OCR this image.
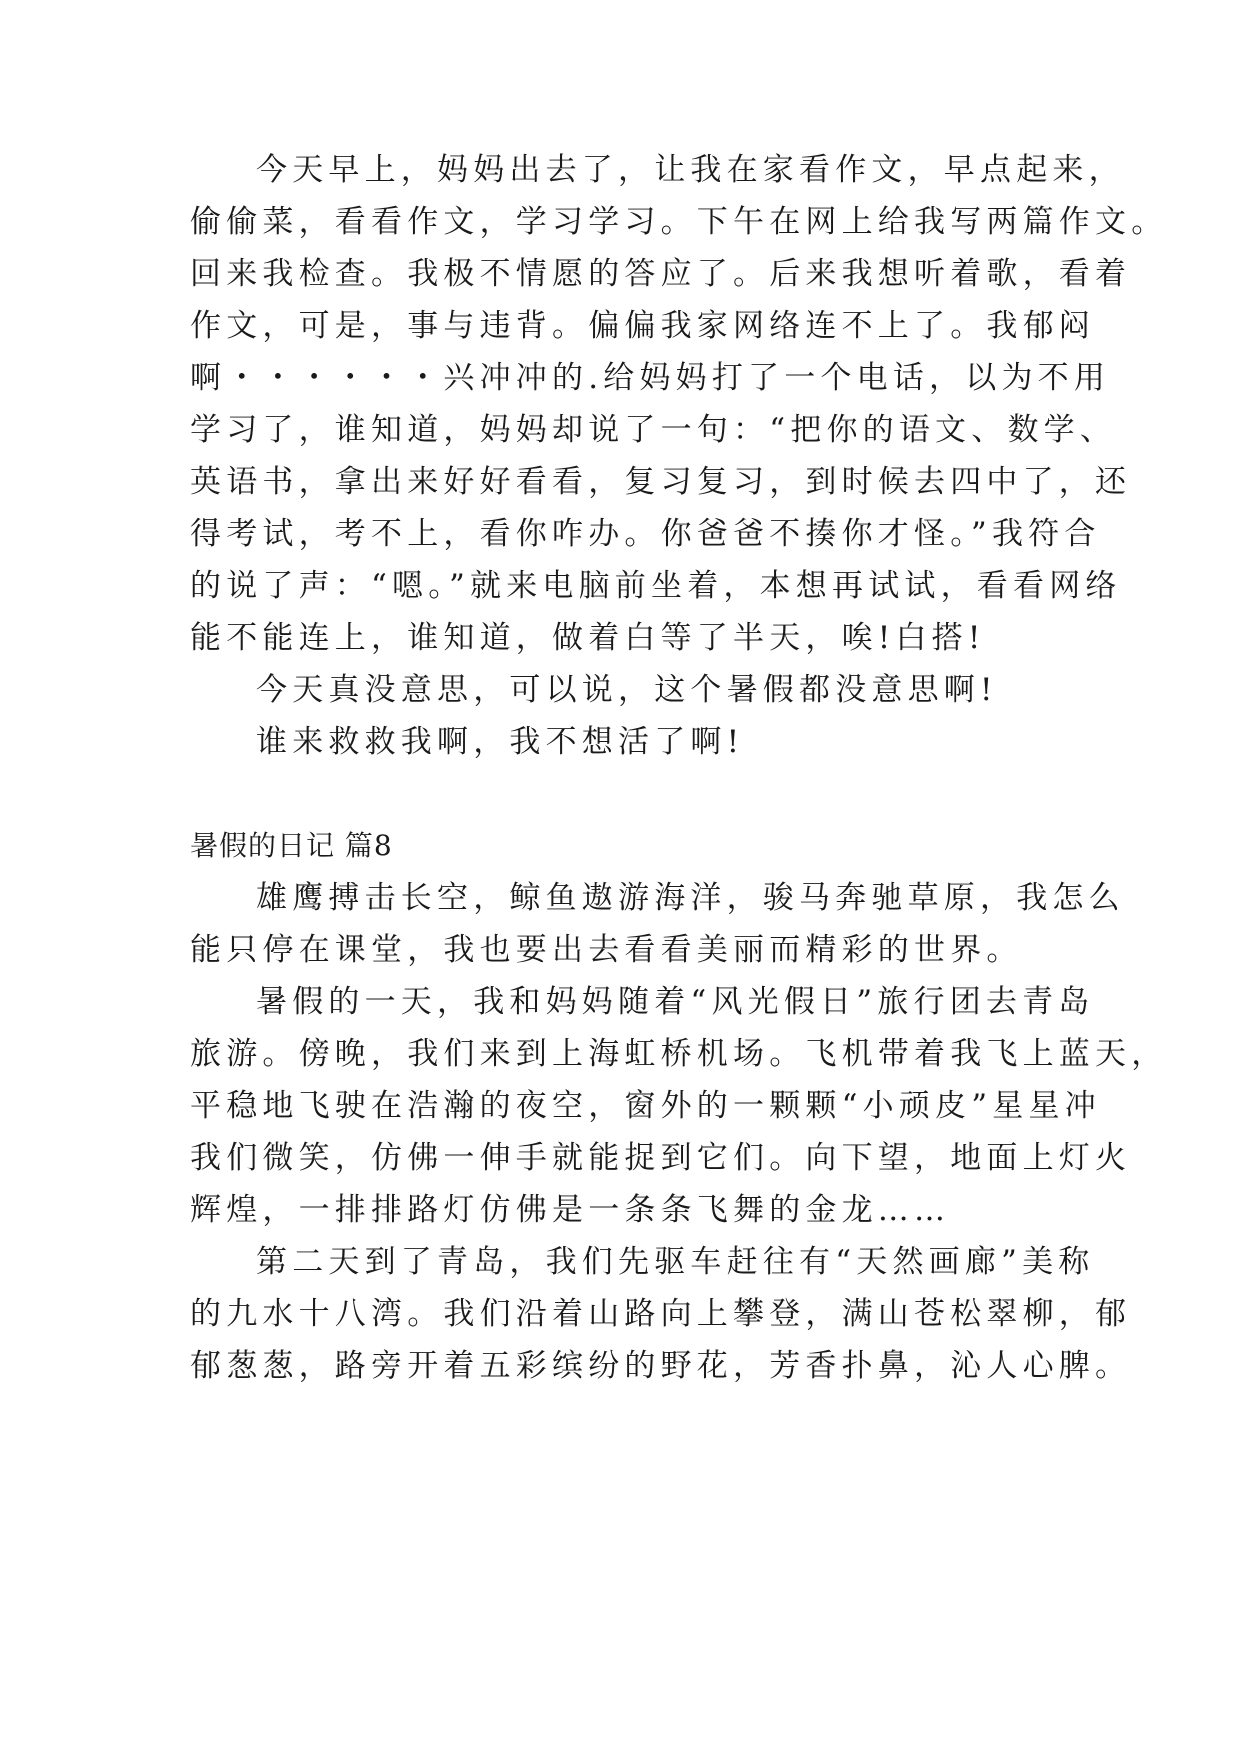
今天早上，妈妈出去了，让我在家看作文，早点起来，
偷偷菜，看看作文，学习学习。下午在网上给我写两篇作文。
回来我检查。我极不情愿的答应了。后来我想听着歌，看着
作文，可是，事与违背。偏偏我家网络连不上了。我郁闷
啊・・・・・・兴冲冲的.给妈妈打了一个电话，以为不用
学习了，谁知道，妈妈却说了一句：“把你的语文、数学、
英语书，拿出来好好看看，复习复习，到时候去四中了，还
得考试，考不上，看你咋办。你爸爸不揍你才怪。”我符合
的说了声：“嗯。”就来电脑前坐着，本想再试试，看看网络
能不能连上，谁知道，做着白等了半天，唉!白搭!
今天真没意思，可以说，这个暑假都没意思啊!
谁来救救我啊，我不想活了啊!
暑假的日记 篇8
雄鹰搏击长空，鲸鱼遨游海洋，骏马奔驰草原，我怎么
能只停在课堂，我也要出去看看美丽而精彩的世界。
暑假的一天，我和妈妈随着“风光假日”旅行团去青岛
旅游。傍晚，我们来到上海虹桥机场。飞机带着我飞上蓝天，
平稳地飞驶在浩瀚的夜空，窗外的一颗颗“小顽皮”星星冲
我们微笑，仿佛一伸手就能捉到它们。向下望，地面上灯火
辉煌，一排排路灯仿佛是一条条飞舞的金龙……
第二天到了青岛，我们先驱车赶往有“天然画廊”美称
的九水十八湾。我们沿着山路向上攀登，满山苍松翠柳，郁
郁葱葱，路旁开着五彩缤纷的野花，芳香扑鼻，沁人心脾。
